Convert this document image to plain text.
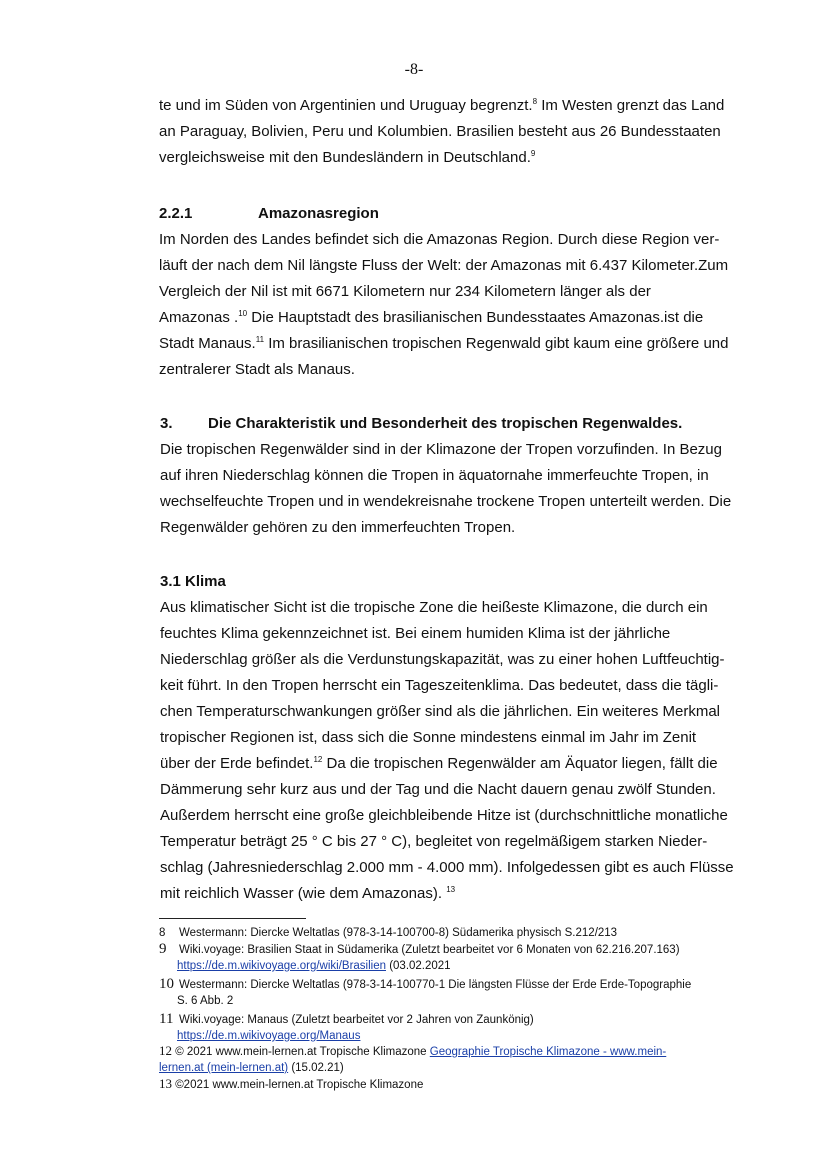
-8-
te und im Süden von Argentinien und Uruguay begrenzt.$^8$ Im Westen grenzt das Land
an Paraguay, Bolivien, Peru und Kolumbien. Brasilien besteht aus 26 Bundesstaaten
vergleichsweise mit den Bundesländern in Deutschland.$^9$
2.2.1	Amazonasregion
Im Norden des Landes befindet sich die Amazonas Region. Durch diese Region ver-
läuft der nach dem Nil längste Fluss der Welt: der Amazonas mit 6.437 Kilometer.Zum
Vergleich der Nil ist mit 6671 Kilometern nur 234 Kilometern länger als der
Amazonas .$^{10}$ Die Hauptstadt des brasilianischen Bundesstaates Amazonas.ist die
Stadt Manaus.$^{11}$ Im brasilianischen tropischen Regenwald gibt kaum eine größere und
zentralerer Stadt als Manaus.
3. Die Charakteristik und Besonderheit des tropischen Regenwaldes.
Die tropischen Regenwälder sind in der Klimazone der Tropen vorzufinden. In Bezug
auf ihren Niederschlag können die Tropen in äquatornahe immerfeuchte Tropen, in
wechselfeuchte Tropen und in wendekreisnahe trockene Tropen unterteilt werden. Die
Regenwälder gehören zu den immerfeuchten Tropen.
3.1 Klima
Aus klimatischer Sicht ist die tropische Zone die heißeste Klimazone, die durch ein
feuchtes Klima gekennzeichnet ist. Bei einem humiden Klima ist der jährliche
Niederschlag größer als die Verdunstungskapazität, was zu einer hohen Luftfeuchtig-
keit führt. In den Tropen herrscht ein Tageszeitenklima. Das bedeutet, dass die tägli-
chen Temperaturschwankungen größer sind als die jährlichen. Ein weiteres Merkmal
tropischer Regionen ist, dass sich die Sonne mindestens einmal im Jahr im Zenit
über der Erde befindet.$^{12}$ Da die tropischen Regenwälder am Äquator liegen, fällt die
Dämmerung sehr kurz aus und der Tag und die Nacht dauern genau zwölf Stunden.
Außerdem herrscht eine große gleichbleibende Hitze ist (durchschnittliche monatliche
Temperatur beträgt 25 ° C bis 27 ° C), begleitet von regelmäßigem starken Nieder-
schlag (Jahresniederschlag 2.000 mm - 4.000 mm). Infolgedessen gibt es auch Flüsse
mit reichlich Wasser (wie dem Amazonas). $^{13}$
8 Westermann: Diercke Weltatlas (978-3-14-100700-8) Südamerika physisch S.212/213
9 Wiki.voyage: Brasilien Staat in Südamerika (Zuletzt bearbeitet vor 6 Monaten von 62.216.207.163)
https://de.m.wikivoyage.org/wiki/Brasilien (03.02.2021
10 Westermann: Diercke Weltatlas (978-3-14-100770-1 Die längsten Flüsse der Erde Erde-Topographie
S. 6 Abb. 2
11 Wiki.voyage: Manaus (Zuletzt bearbeitet vor 2 Jahren von Zaunkönig)
https://de.m.wikivoyage.org/Manaus
12 © 2021 www.mein-lernen.at Tropische Klimazone Geographie Tropische Klimazone - www.mein-
lernen.at (mein-lernen.at) (15.02.21)
13 ©2021 www.mein-lernen.at Tropische Klimazone
